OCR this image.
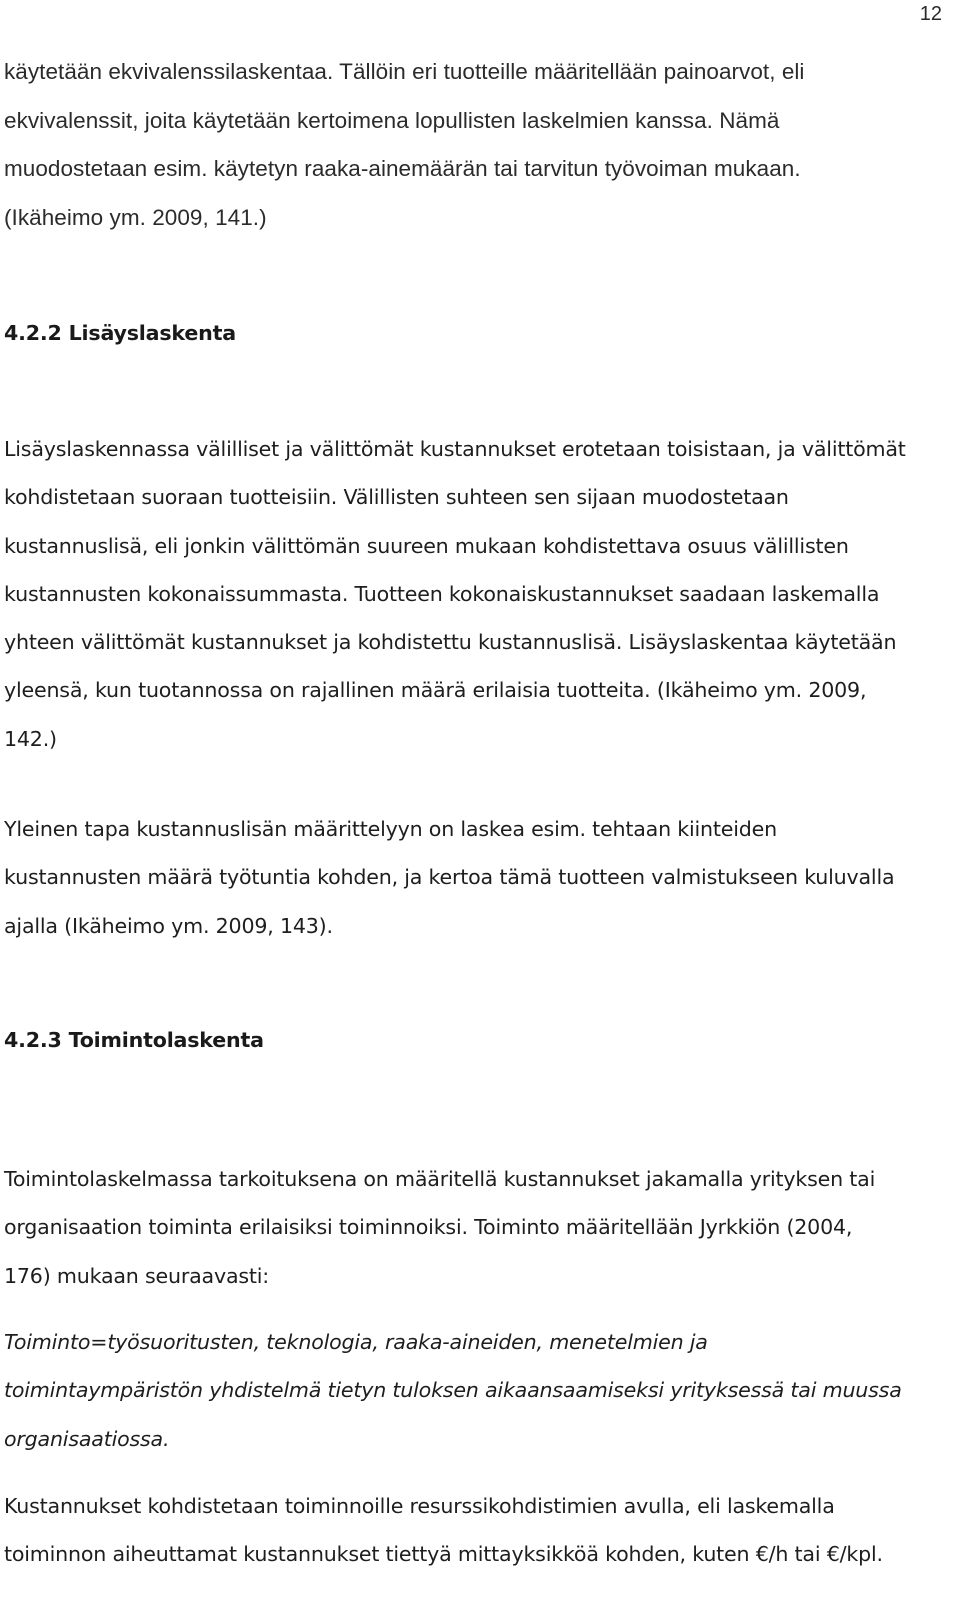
12
käytetään ekvivalenssilaskentaa. Tällöin eri tuotteille määritellään painoarvot, eli
ekvivalenssit, joita käytetään kertoimena lopullisten laskelmien kanssa. Nämä
muodostetaan esim. käytetyn raaka-ainemäärän tai tarvitun työvoiman mukaan.
(Ikäheimo ym. 2009, 141.)
4.2.2 Lisäyslaskenta
Lisäyslaskennassa välilliset ja välittömät kustannukset erotetaan toisistaan, ja välittömät
kohdistetaan suoraan tuotteisiin. Välillisten suhteen sen sijaan muodostetaan
kustannuslisä, eli jonkin välittömän suureen mukaan kohdistettava osuus välillisten
kustannusten kokonaissummasta. Tuotteen kokonaiskustannukset saadaan laskemalla
yhteen välittömät kustannukset ja kohdistettu kustannuslisä. Lisäyslaskentaa käytetään
yleensä, kun tuotannossa on rajallinen määrä erilaisia tuotteita. (Ikäheimo ym. 2009,
142.)
Yleinen tapa kustannuslisän määrittelyyn on laskea esim. tehtaan kiinteiden
kustannusten määrä työtuntia kohden, ja kertoa tämä tuotteen valmistukseen kuluvalla
ajalla (Ikäheimo ym. 2009, 143).
4.2.3 Toimintolaskenta
Toimintolaskelmassa tarkoituksena on määritellä kustannukset jakamalla yrityksen tai
organisaation toiminta erilaisiksi toiminnoiksi. Toiminto määritellään Jyrkkiön (2004,
176) mukaan seuraavasti:
Toiminto=työsuoritusten, teknologia, raaka-aineiden, menetelmien ja
toimintaympäristön yhdistelmä tietyn tuloksen aikaansaamiseksi yrityksessä tai muussa
organisaatiossa.
Kustannukset kohdistetaan toiminnoille resurssikohdistimien avulla, eli laskemalla
toiminnon aiheuttamat kustannukset tiettyä mittayksikköä kohden, kuten €/h tai €/kpl.
